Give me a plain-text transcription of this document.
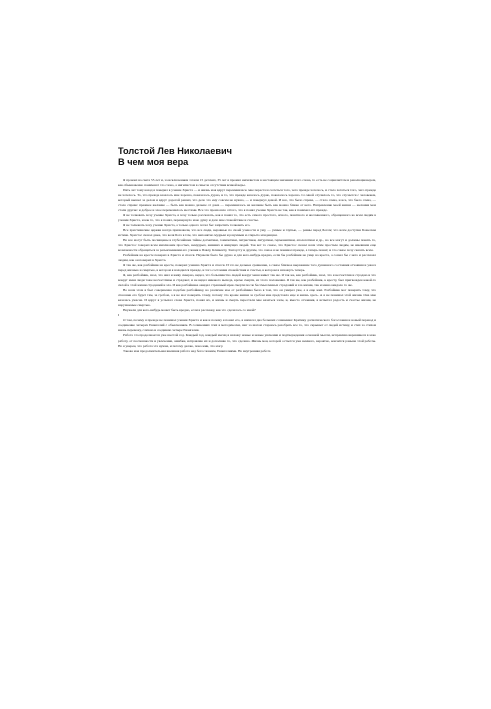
Толстой Лев Николаевич
В чем моя вера

Я прожил на свете 55 лет и, за исключением 14 или 15 детских, 35 лет я прожил нигилистом в настоящем значении этого слова, то есть не социалистом и революционером, как обыкновенно понимают это слово, а нигилистом в смысле отсутствия всякой веры.

Пять лет тому назад я поверил в учение Христа — и жизнь моя вдруг переменилась: мне перестало хотеться того, чего прежде хотелось, и стало хотеться того, чего прежде не хотелось. То, что прежде казалось мне хорошо, показалось дурно, и то, что прежде казалось дурно, показалось хорошо. Со мной случилось то, что случается с человеком, который вышел за делом и вдруг дорогой решил, что дело это ему совсем не нужно, — и повернул домой. И все, что было справа, — стало слева, и все, что было слева, — стало справа: прежнее желание — быть как можно дальше от дома — переменилось на желание быть как можно ближе от него. Направление моей жизни — желания мои стали другие: и доброе и злое переменилось местами. Все это произошло оттого, что я понял учение Христа не так, как я понимал его прежде.

Я не толковать хочу учение Христа, я хочу только рассказать, как я понял то, что есть самого простого, ясного, понятного и несомненного, обращенного ко всем людям в учении Христа, и как то, что я понял, перевернуло мою душу и дало мне спокойствие и счастье.

Я не толковать хочу учение Христа, а только одного хотел бы: запретить толковать его.

Все христианские церкви всегда признавали, что все люди, неравные по своей учености и уму, — умные и глупые, — равны перед Богом; что всем доступна Божеская истина. Христос сказал даже, что воля Бога в том, что непонятно мудрым и разумным и открыто младенцам.

Не все могут быть посвящены в глубочайшие тайны догматики, гомилетики, патристики, литургики, герменевтики, апологетики и др., но все могут и должны понять то, что Христос говорил всем миллионам простых, немудрых, живших и живущих людей. Так вот то самое, что Христос сказал всем этим простым людям, не имевшим еще возможности обращаться за разъяснениями его учения к Павлу, Клименту, Златоусту и другим, это самое я не понимал прежде, а теперь понял; и это самое хочу сказать всем.

Разбойник на кресте поверил в Христа и спасся. Неужели было бы дурно и для кого-нибудь вредно, если бы разбойник не умер на кресте, а сошел бы с него и рассказал людям, как он поверил в Христа.

Я так же, как разбойник на кресте, поверил учению Христа и спасся. И это не дальнее сравнение, а самое близкое выражение того душевного состояния отчаяния и ужаса перед жизнью и смертью, в котором я находился прежде, и того состояния спокойствия и счастья, в котором я нахожусь теперь.

Я, как разбойник, знал, что жил и живу скверно, видел, что большинство людей вокруг меня живет так же. Я так же, как разбойник, знал, что я несчастлив и страдаю и что вокруг меня люди тоже несчастливы и страдают, и не видал никакого выхода, кроме смерти, из этого положения. Я так же, как разбойник, к кресту, был пригвожден какой-то силой к этой жизни страданий и зла. И как разбойника ожидал страшный мрак смерти после бессмысленных страданий и зла жизни, так и меня ожидало то же.

Во всем этом я был совершенно подобен разбойнику, но различие мое от разбойника было в том, что он умирал уже, а я еще жил. Разбойник мог поверить тому, что спасение его будет там, за гробом, а я не мог поверить этому, потому что кроме жизни за гробом мне предстояла еще и жизнь здесь. А я не понимал этой жизни. Она мне казалась ужасна. И вдруг я услыхал слова Христа, понял их, и жизнь и смерть перестали мне казаться злом, и, вместо отчаяния, я испытал радость и счастье жизни, не нарушаемые смертью.

Неужели для кого-нибудь может быть вредно, если я расскажу, как это сделалось со мной?

I

О том, почему я прежде не понимал учения Христа и как и почему я понял его, я написал два больших сочинения: Критику догматического богословия и новый перевод и соединение четырех Евангелий с объяснением. В сочинениях этих я методически, шаг за шагом стараюсь разобрать все то, что скрывает от людей истину, и стих за стихом вновь перевожу, сличаю и соединяю четыре Евангелия.

Работа эта продолжается уже шестой год. Каждый год, каждый месяц я нахожу новые и новые уяснения и подтверждения основной мысли, исправляю вкравшиеся в мою работу, от поспешности и увлечения, ошибки, исправляю их и дополняю то, что сделано. Жизнь моя, которой остается уже немного, вероятно, кончится раньше этой работы. Но я уверен, что работа эта нужна, и потому делаю, пока жив, что могу.

Такова моя продолжительная внешняя работа над богословием, Евангелиями. Но внутренняя работа
